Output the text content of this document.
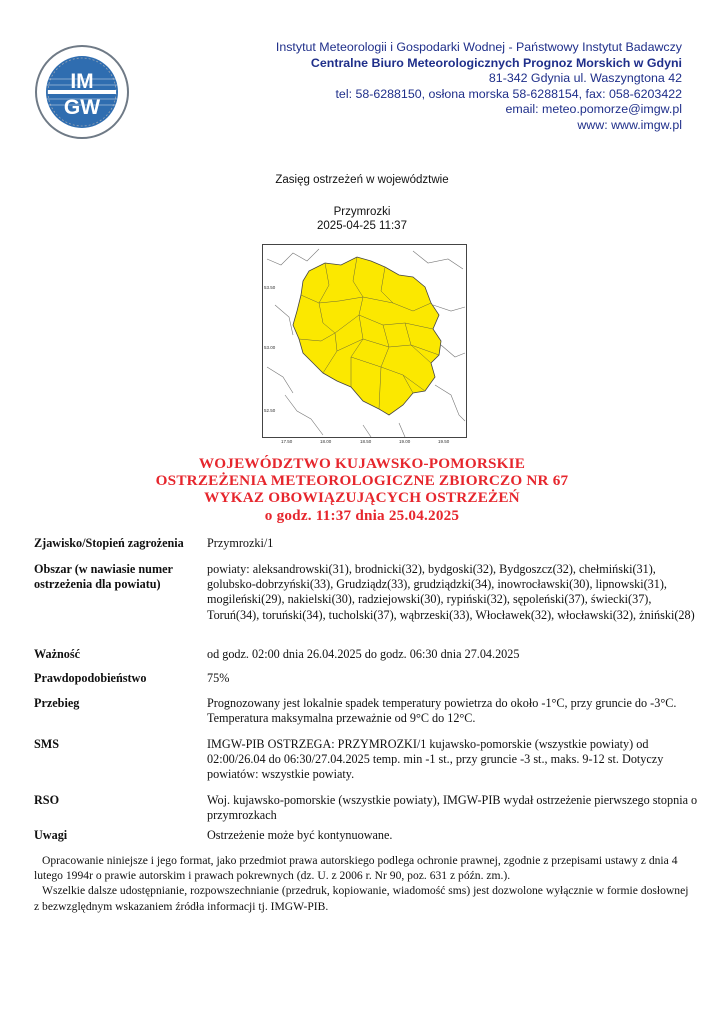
IM
GW
Instytut Meteorologii i Gospodarki Wodnej - Państwowy Instytut Badawczy
Centralne Biuro Meteorologicznych Prognoz Morskich w Gdyni
81-342 Gdynia ul. Waszyngtona 42
tel: 58-6288150, osłona morska 58-6288154, fax: 058-6203422
email: meteo.pomorze@imgw.pl
www: www.imgw.pl
Zasięg ostrzeżeń w województwie
Przymrozki
2025-04-25 11:37
53.50
53.00
52.50
17.50	18.00	18.50	19.00	19.50
WOJEWÓDZTWO KUJAWSKO-POMORSKIE
OSTRZEŻENIA METEOROLOGICZNE ZBIORCZO NR 67
WYKAZ OBOWIĄZUJĄCYCH OSTRZEŻEŃ
o godz. 11:37 dnia 25.04.2025
Zjawisko/Stopień zagrożenia	Przymrozki/1
Obszar (w nawiasie numer ostrzeżenia dla powiatu)
powiaty: aleksandrowski(31), brodnicki(32), bydgoski(32), Bydgoszcz(32), chełmiński(31), golubsko-dobrzyński(33), Grudziądz(33), grudziądzki(34), inowrocławski(30), lipnowski(31), mogileński(29), nakielski(30), radziejowski(30), rypiński(32), sępoleński(37), świecki(37), Toruń(34), toruński(34), tucholski(37), wąbrzeski(33), Włocławek(32), włocławski(32), żniński(28)
Ważność	od godz. 02:00 dnia 26.04.2025 do godz. 06:30 dnia 27.04.2025
Prawdopodobieństwo	75%
Przebieg	Prognozowany jest lokalnie spadek temperatury powietrza do około -1°C, przy gruncie do -3°C. Temperatura maksymalna przeważnie od 9°C do 12°C.
SMS	IMGW-PIB OSTRZEGA: PRZYMROZKI/1 kujawsko-pomorskie (wszystkie powiaty) od 02:00/26.04 do 06:30/27.04.2025 temp. min -1 st., przy gruncie -3 st., maks. 9-12 st. Dotyczy powiatów: wszystkie powiaty.
RSO	Woj. kujawsko-pomorskie (wszystkie powiaty), IMGW-PIB wydał ostrzeżenie pierwszego stopnia o przymrozkach
Uwagi	Ostrzeżenie może być kontynuowane.

Opracowanie niniejsze i jego format, jako przedmiot prawa autorskiego podlega ochronie prawnej, zgodnie z przepisami ustawy z dnia 4 lutego 1994r o prawie autorskim i prawach pokrewnych (dz. U. z 2006 r. Nr 90, poz. 631 z późn. zm.).

Wszelkie dalsze udostępnianie, rozpowszechnianie (przedruk, kopiowanie, wiadomość sms) jest dozwolone wyłącznie w formie dosłownej z bezwzględnym wskazaniem źródła informacji tj. IMGW-PIB.
